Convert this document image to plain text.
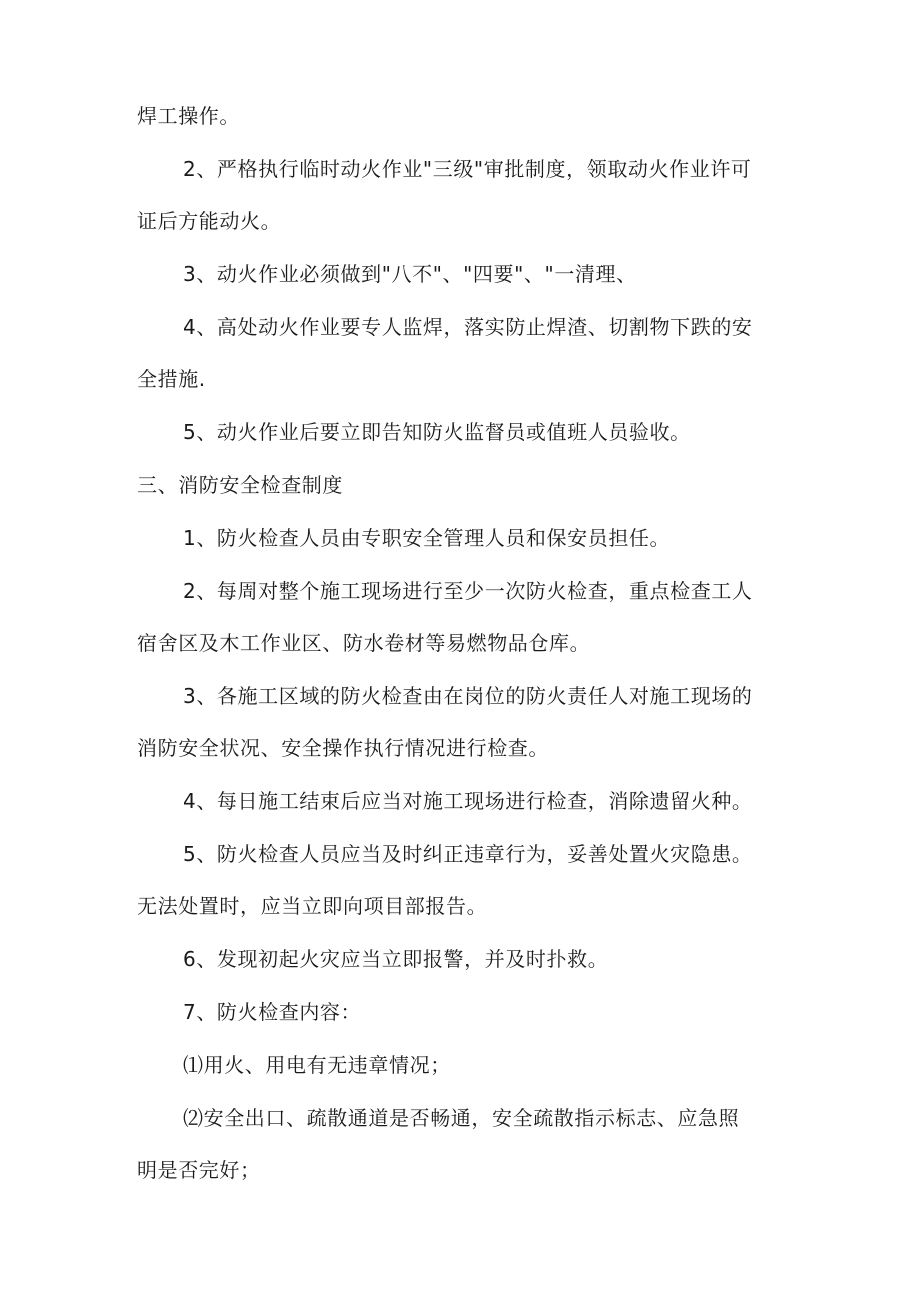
焊工操作。

2、严格执行临时动火作业"三级"审批制度，领取动火作业许可

证后方能动火。

3、动火作业必须做到"八不"、"四要"、"一清理、

4、高处动火作业要专人监焊，落实防止焊渣、切割物下跌的安

全措施.

5、动火作业后要立即告知防火监督员或值班人员验收。

三、消防安全检查制度

1、防火检查人员由专职安全管理人员和保安员担任。

2、每周对整个施工现场进行至少一次防火检查，重点检查工人

宿舍区及木工作业区、防水卷材等易燃物品仓库。

3、各施工区域的防火检查由在岗位的防火责任人对施工现场的

消防安全状况、安全操作执行情况进行检查。

4、每日施工结束后应当对施工现场进行检查，消除遗留火种。

5、防火检查人员应当及时纠正违章行为，妥善处置火灾隐患。

无法处置时，应当立即向项目部报告。

6、发现初起火灾应当立即报警，并及时扑救。

7、防火检查内容：

⑴用火、用电有无违章情况；

⑵安全出口、疏散通道是否畅通，安全疏散指示标志、应急照

明是否完好；
